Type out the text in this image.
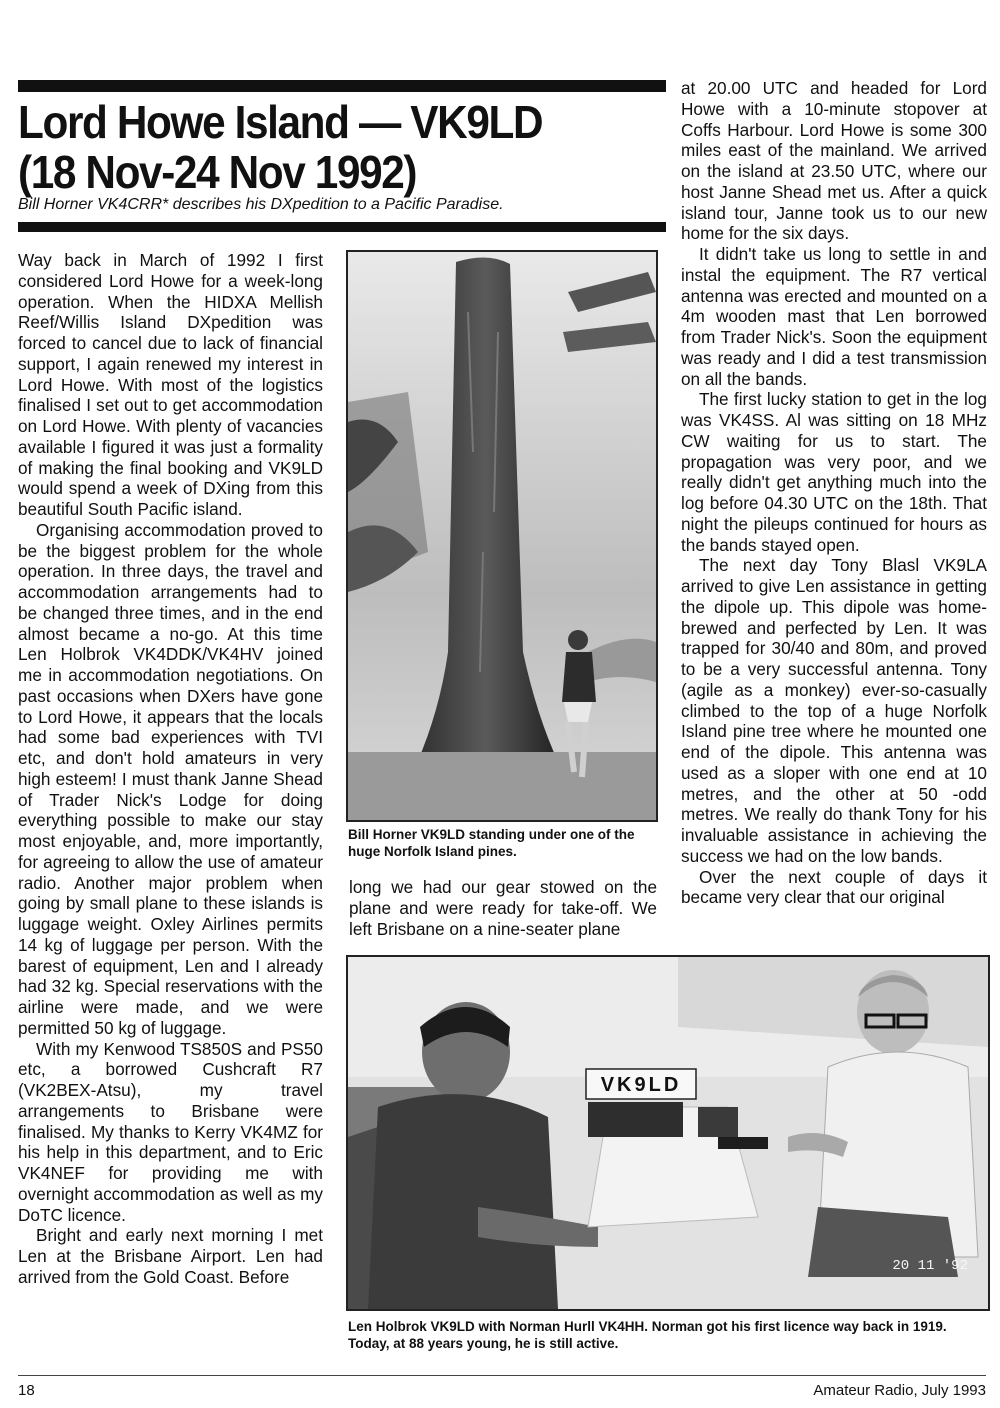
Lord Howe Island — VK9LD
(18 Nov-24 Nov 1992)
Bill Horner VK4CRR* describes his DXpedition to a Pacific Paradise.

Way back in March of 1992 I first considered Lord Howe for a week-long operation. When the HIDXA Mellish Reef/Willis Island DXpedition was forced to cancel due to lack of financial support, I again renewed my interest in Lord Howe. With most of the logistics finalised I set out to get accommodation on Lord Howe. With plenty of vacancies available I figured it was just a formality of making the final booking and VK9LD would spend a week of DXing from this beautiful South Pacific island.

Organising accommodation proved to be the biggest problem for the whole operation. In three days, the travel and accommodation arrangements had to be changed three times, and in the end almost became a no-go. At this time Len Holbrok VK4DDK/VK4HV joined me in accommodation negotiations. On past occasions when DXers have gone to Lord Howe, it appears that the locals had some bad experiences with TVI etc, and don't hold amateurs in very high esteem! I must thank Janne Shead of Trader Nick's Lodge for doing everything possible to make our stay most enjoyable, and, more importantly, for agreeing to allow the use of amateur radio. Another major problem when going by small plane to these islands is luggage weight. Oxley Airlines permits 14 kg of luggage per person. With the barest of equipment, Len and I already had 32 kg. Special reservations with the airline were made, and we were permitted 50 kg of luggage.

With my Kenwood TS850S and PS50 etc, a borrowed Cushcraft R7 (VK2BEX-Atsu), my travel arrangements to Brisbane were finalised. My thanks to Kerry VK4MZ for his help in this department, and to Eric VK4NEF for providing me with overnight accommodation as well as my DoTC licence.

Bright and early next morning I met Len at the Brisbane Airport. Len had arrived from the Gold Coast. Before

Bill Horner VK9LD standing under one of the huge Norfolk Island pines.

long we had our gear stowed on the plane and were ready for take-off. We left Brisbane on a nine-seater plane

at 20.00 UTC and headed for Lord Howe with a 10-minute stopover at Coffs Harbour. Lord Howe is some 300 miles east of the mainland. We arrived on the island at 23.50 UTC, where our host Janne Shead met us. After a quick island tour, Janne took us to our new home for the six days.

It didn't take us long to settle in and instal the equipment. The R7 vertical antenna was erected and mounted on a 4m wooden mast that Len borrowed from Trader Nick's. Soon the equipment was ready and I did a test transmission on all the bands.

The first lucky station to get in the log was VK4SS. Al was sitting on 18 MHz CW waiting for us to start. The propagation was very poor, and we really didn't get anything much into the log before 04.30 UTC on the 18th. That night the pileups continued for hours as the bands stayed open.

The next day Tony Blasl VK9LA arrived to give Len assistance in getting the dipole up. This dipole was home-brewed and perfected by Len. It was trapped for 30/40 and 80m, and proved to be a very successful antenna. Tony (agile as a monkey) ever-so-casually climbed to the top of a huge Norfolk Island pine tree where he mounted one end of the dipole. This antenna was used as a sloper with one end at 10 metres, and the other at 50 -odd metres. We really do thank Tony for his invaluable assistance in achieving the success we had on the low bands.

Over the next couple of days it became very clear that our original

VK9LD
20 11 '92
Len Holbrok VK9LD with Norman Hurll VK4HH. Norman got his first licence way back in 1919. Today, at 88 years young, he is still active.
18	Amateur Radio, July 1993
